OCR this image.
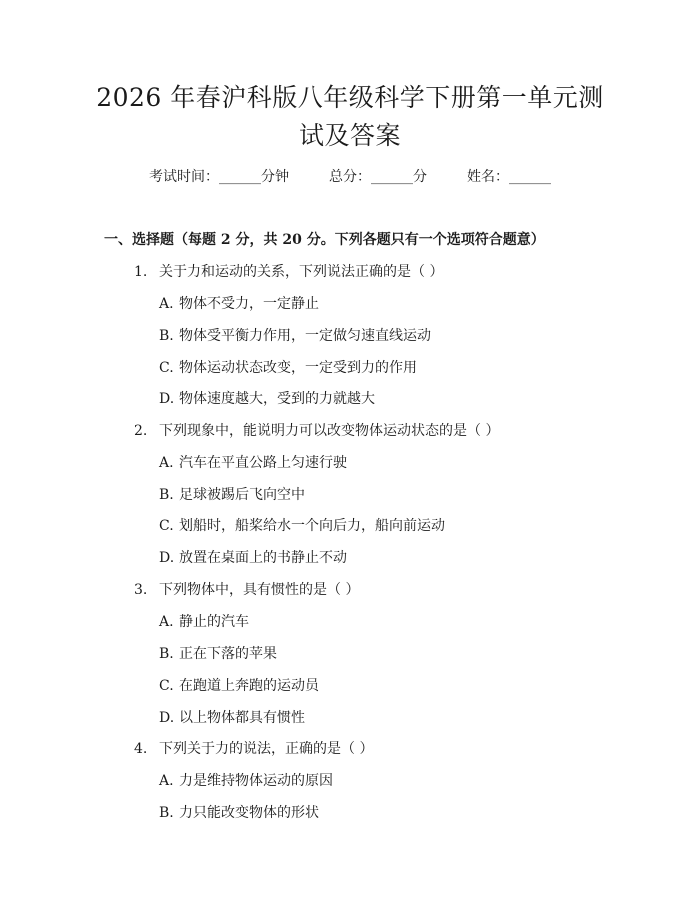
2026 年春沪科版八年级科学下册第一单元测
试及答案
考试时间：______分钟	总分：______分	姓名：______
一、选择题（每题 2 分，共 20 分。下列各题只有一个选项符合题意）
1. 关于力和运动的关系，下列说法正确的是（ ）
A. 物体不受力，一定静止
B. 物体受平衡力作用，一定做匀速直线运动
C. 物体运动状态改变，一定受到力的作用
D. 物体速度越大，受到的力就越大
2. 下列现象中，能说明力可以改变物体运动状态的是（ ）
A. 汽车在平直公路上匀速行驶
B. 足球被踢后飞向空中
C. 划船时，船桨给水一个向后力，船向前运动
D. 放置在桌面上的书静止不动
3. 下列物体中，具有惯性的是（ ）
A. 静止的汽车
B. 正在下落的苹果
C. 在跑道上奔跑的运动员
D. 以上物体都具有惯性
4. 下列关于力的说法，正确的是（ ）
A. 力是维持物体运动的原因
B. 力只能改变物体的形状
